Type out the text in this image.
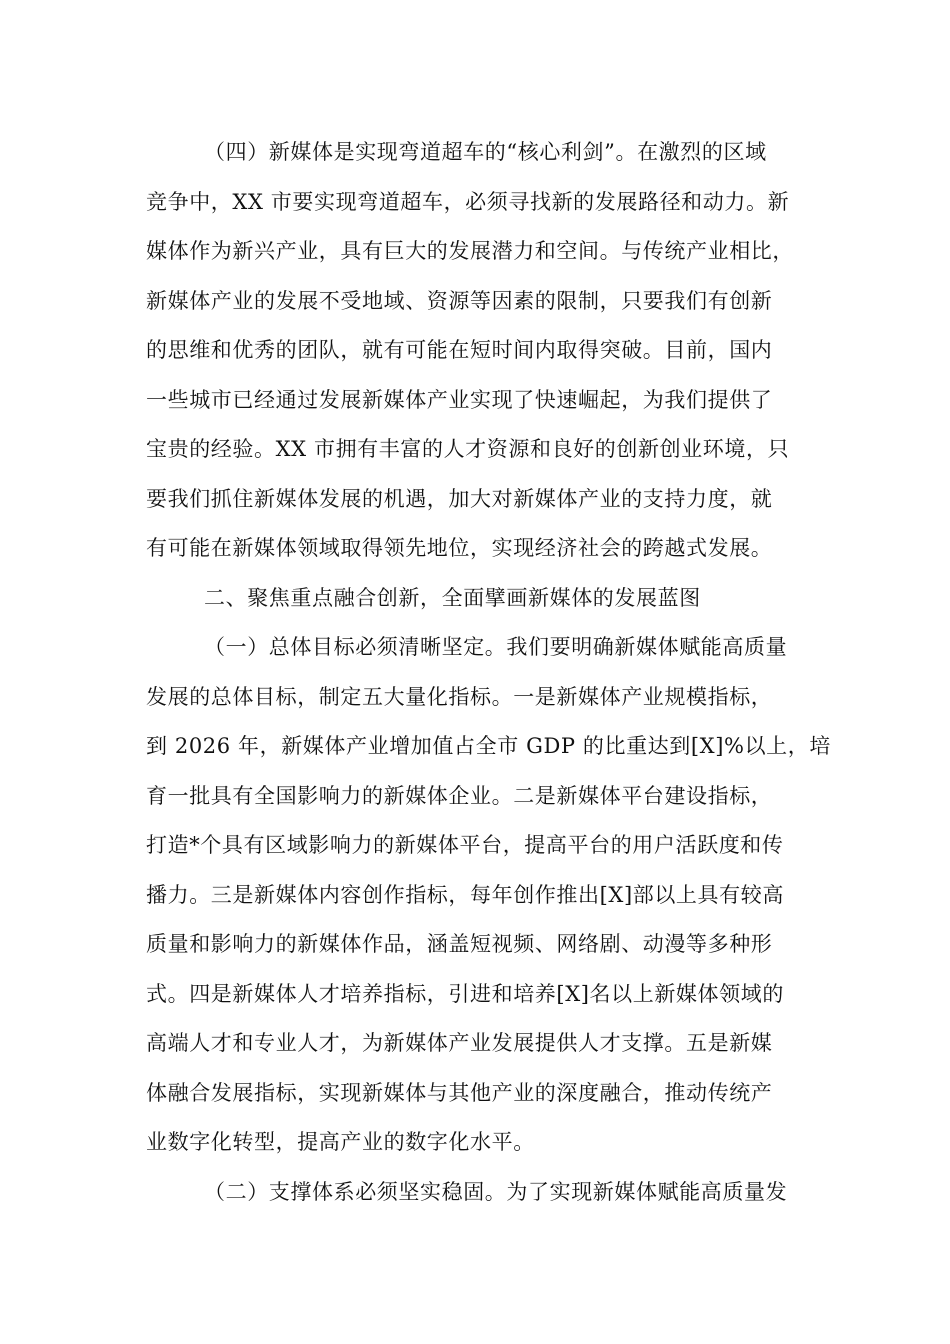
（四）新媒体是实现弯道超车的“核心利剑”。在激烈的区域
竞争中，XX 市要实现弯道超车，必须寻找新的发展路径和动力。新
媒体作为新兴产业，具有巨大的发展潜力和空间。与传统产业相比，
新媒体产业的发展不受地域、资源等因素的限制，只要我们有创新
的思维和优秀的团队，就有可能在短时间内取得突破。目前，国内
一些城市已经通过发展新媒体产业实现了快速崛起，为我们提供了
宝贵的经验。XX 市拥有丰富的人才资源和良好的创新创业环境，只
要我们抓住新媒体发展的机遇，加大对新媒体产业的支持力度，就
有可能在新媒体领域取得领先地位，实现经济社会的跨越式发展。
二、聚焦重点融合创新，全面擘画新媒体的发展蓝图
（一）总体目标必须清晰坚定。我们要明确新媒体赋能高质量
发展的总体目标，制定五大量化指标。一是新媒体产业规模指标，
到 2026 年，新媒体产业增加值占全市 GDP 的比重达到[X]%以上，培
育一批具有全国影响力的新媒体企业。二是新媒体平台建设指标，
打造*个具有区域影响力的新媒体平台，提高平台的用户活跃度和传
播力。三是新媒体内容创作指标，每年创作推出[X]部以上具有较高
质量和影响力的新媒体作品，涵盖短视频、网络剧、动漫等多种形
式。四是新媒体人才培养指标，引进和培养[X]名以上新媒体领域的
高端人才和专业人才，为新媒体产业发展提供人才支撑。五是新媒
体融合发展指标，实现新媒体与其他产业的深度融合，推动传统产
业数字化转型，提高产业的数字化水平。
（二）支撑体系必须坚实稳固。为了实现新媒体赋能高质量发
